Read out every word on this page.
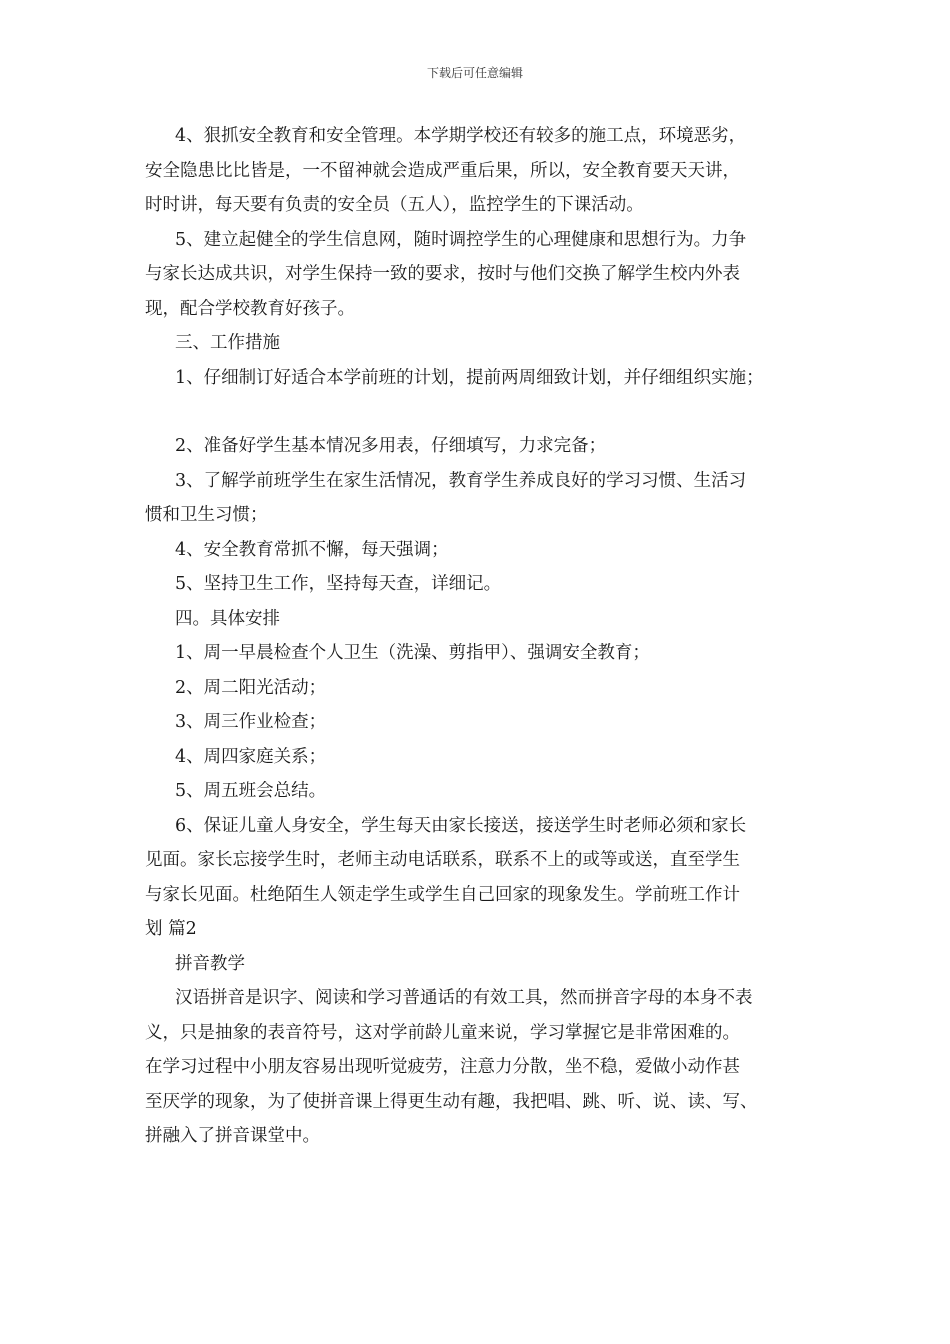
下载后可任意编辑
4、狠抓安全教育和安全管理。本学期学校还有较多的施工点，环境恶劣，
安全隐患比比皆是，一不留神就会造成严重后果，所以，安全教育要天天讲，
时时讲，每天要有负责的安全员（五人），监控学生的下课活动。
5、建立起健全的学生信息网，随时调控学生的心理健康和思想行为。力争
与家长达成共识，对学生保持一致的要求，按时与他们交换了解学生校内外表
现，配合学校教育好孩子。
三、工作措施
1、仔细制订好适合本学前班的计划，提前两周细致计划，并仔细组织实施；
2、准备好学生基本情况多用表，仔细填写，力求完备；
3、了解学前班学生在家生活情况，教育学生养成良好的学习习惯、生活习
惯和卫生习惯；
4、安全教育常抓不懈，每天强调；
5、坚持卫生工作，坚持每天查，详细记。
四。具体安排
1、周一早晨检查个人卫生（洗澡、剪指甲）、强调安全教育；
2、周二阳光活动；
3、周三作业检查；
4、周四家庭关系；
5、周五班会总结。
6、保证儿童人身安全，学生每天由家长接送，接送学生时老师必须和家长
见面。家长忘接学生时，老师主动电话联系，联系不上的或等或送，直至学生
与家长见面。杜绝陌生人领走学生或学生自己回家的现象发生。学前班工作计
划 篇2
拼音教学
汉语拼音是识字、阅读和学习普通话的有效工具，然而拼音字母的本身不表
义，只是抽象的表音符号，这对学前龄儿童来说，学习掌握它是非常困难的。
在学习过程中小朋友容易出现听觉疲劳，注意力分散，坐不稳，爱做小动作甚
至厌学的现象，为了使拼音课上得更生动有趣，我把唱、跳、听、说、读、写、
拼融入了拼音课堂中。
